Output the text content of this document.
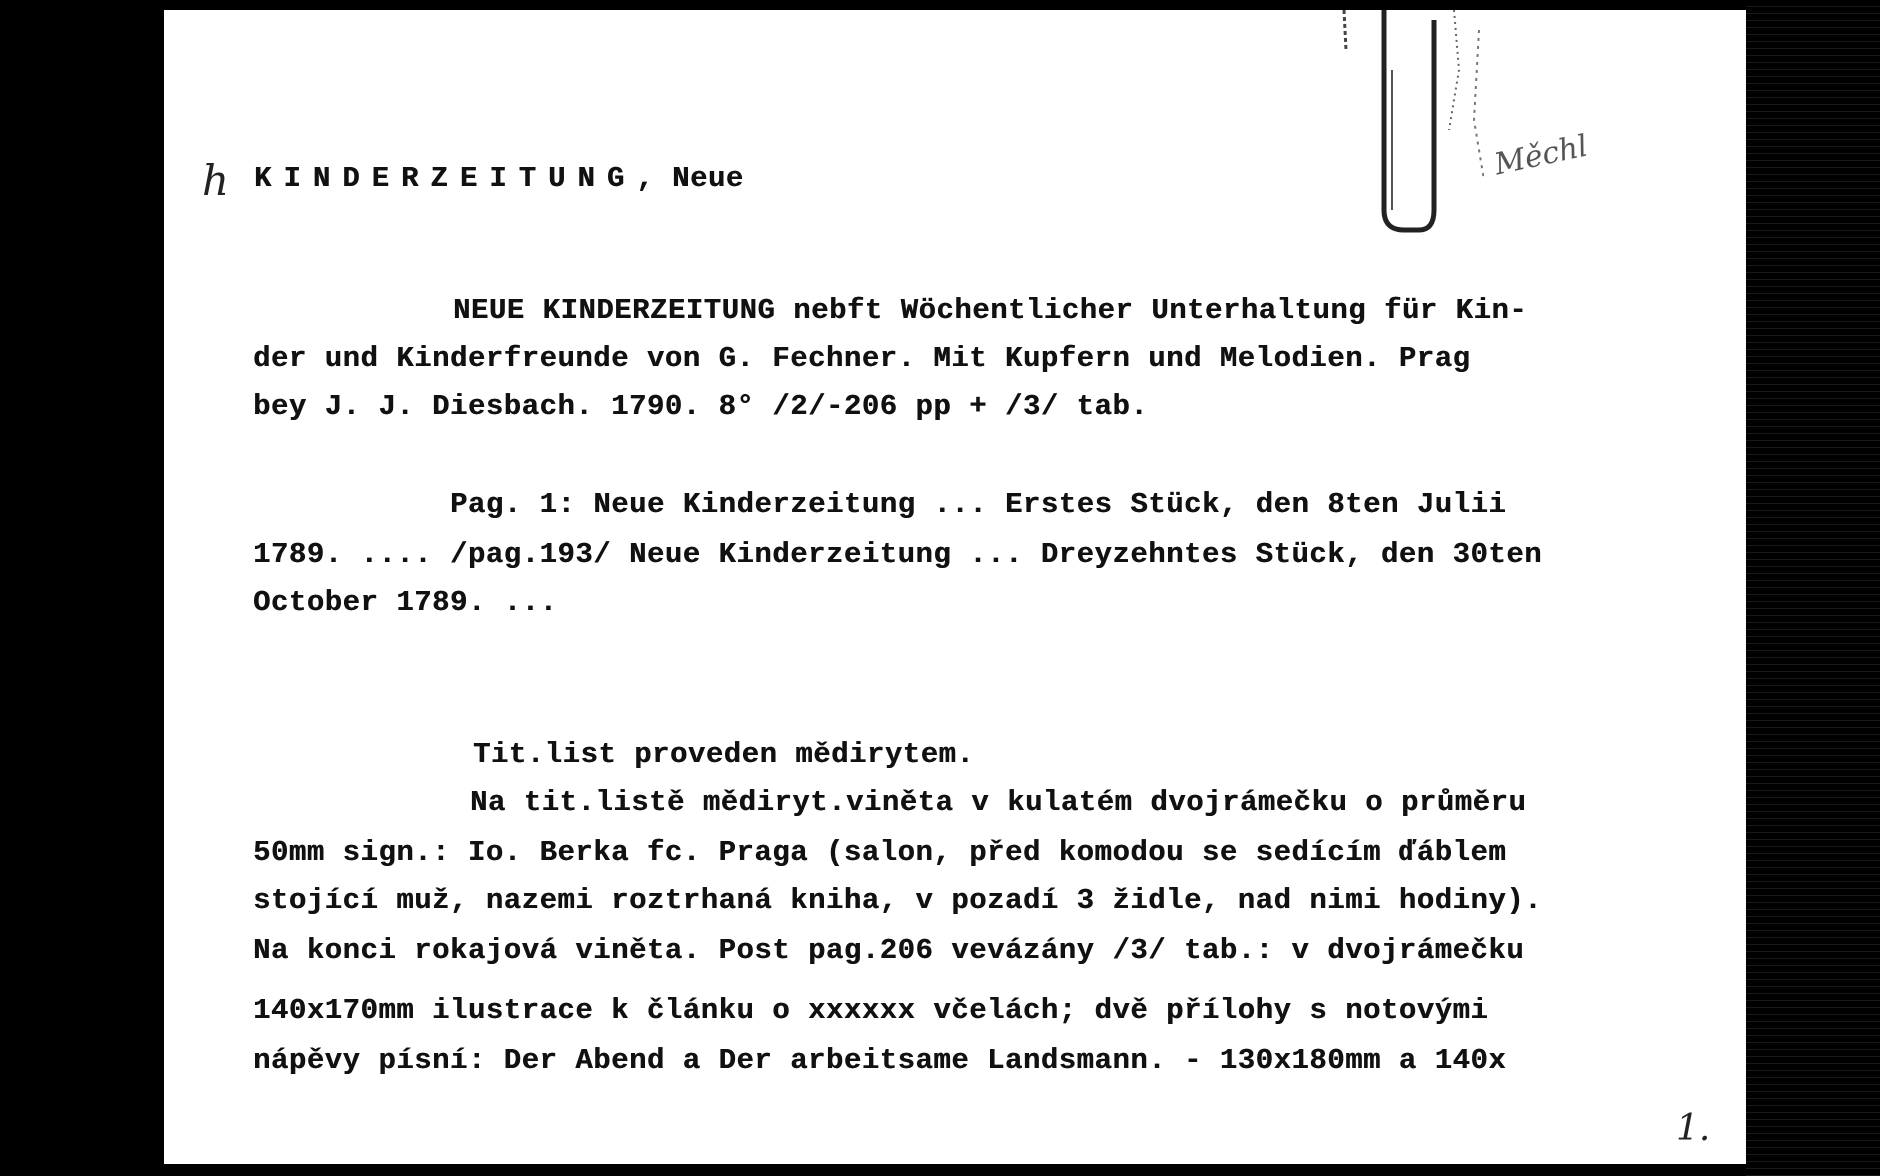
Měchl
h KINDERZEITUNG, Neue
NEUE KINDERZEITUNG nebft Wöchentlicher Unterhaltung für Kin-
der und Kinderfreunde von G. Fechner. Mit Kupfern und Melodien. Prag
bey J. J. Diesbach. 1790. 8° /2/-206 pp + /3/ tab.
Pag. 1: Neue Kinderzeitung ... Erstes Stück, den 8ten Julii
1789. .... /pag.193/ Neue Kinderzeitung ... Dreyzehntes Stück, den 30ten
October 1789. ...
Tit.list proveden mědirytem.
Na tit.listě mědiryt.viněta v kulatém dvojrámečku o průměru
50mm sign.: Io. Berka fc. Praga (salon, před komodou se sedícím ďáblem
stojící muž, nazemi roztrhaná kniha, v pozadí 3 židle, nad nimi hodiny).
Na konci rokajová viněta. Post pag.206 vevázány /3/ tab.: v dvojrámečku
140x170mm ilustrace k článku o xxxxxx včelách; dvě přílohy s notovými
nápěvy písní: Der Abend a Der arbeitsame Landsmann. - 130x180mm a 140x
1.
